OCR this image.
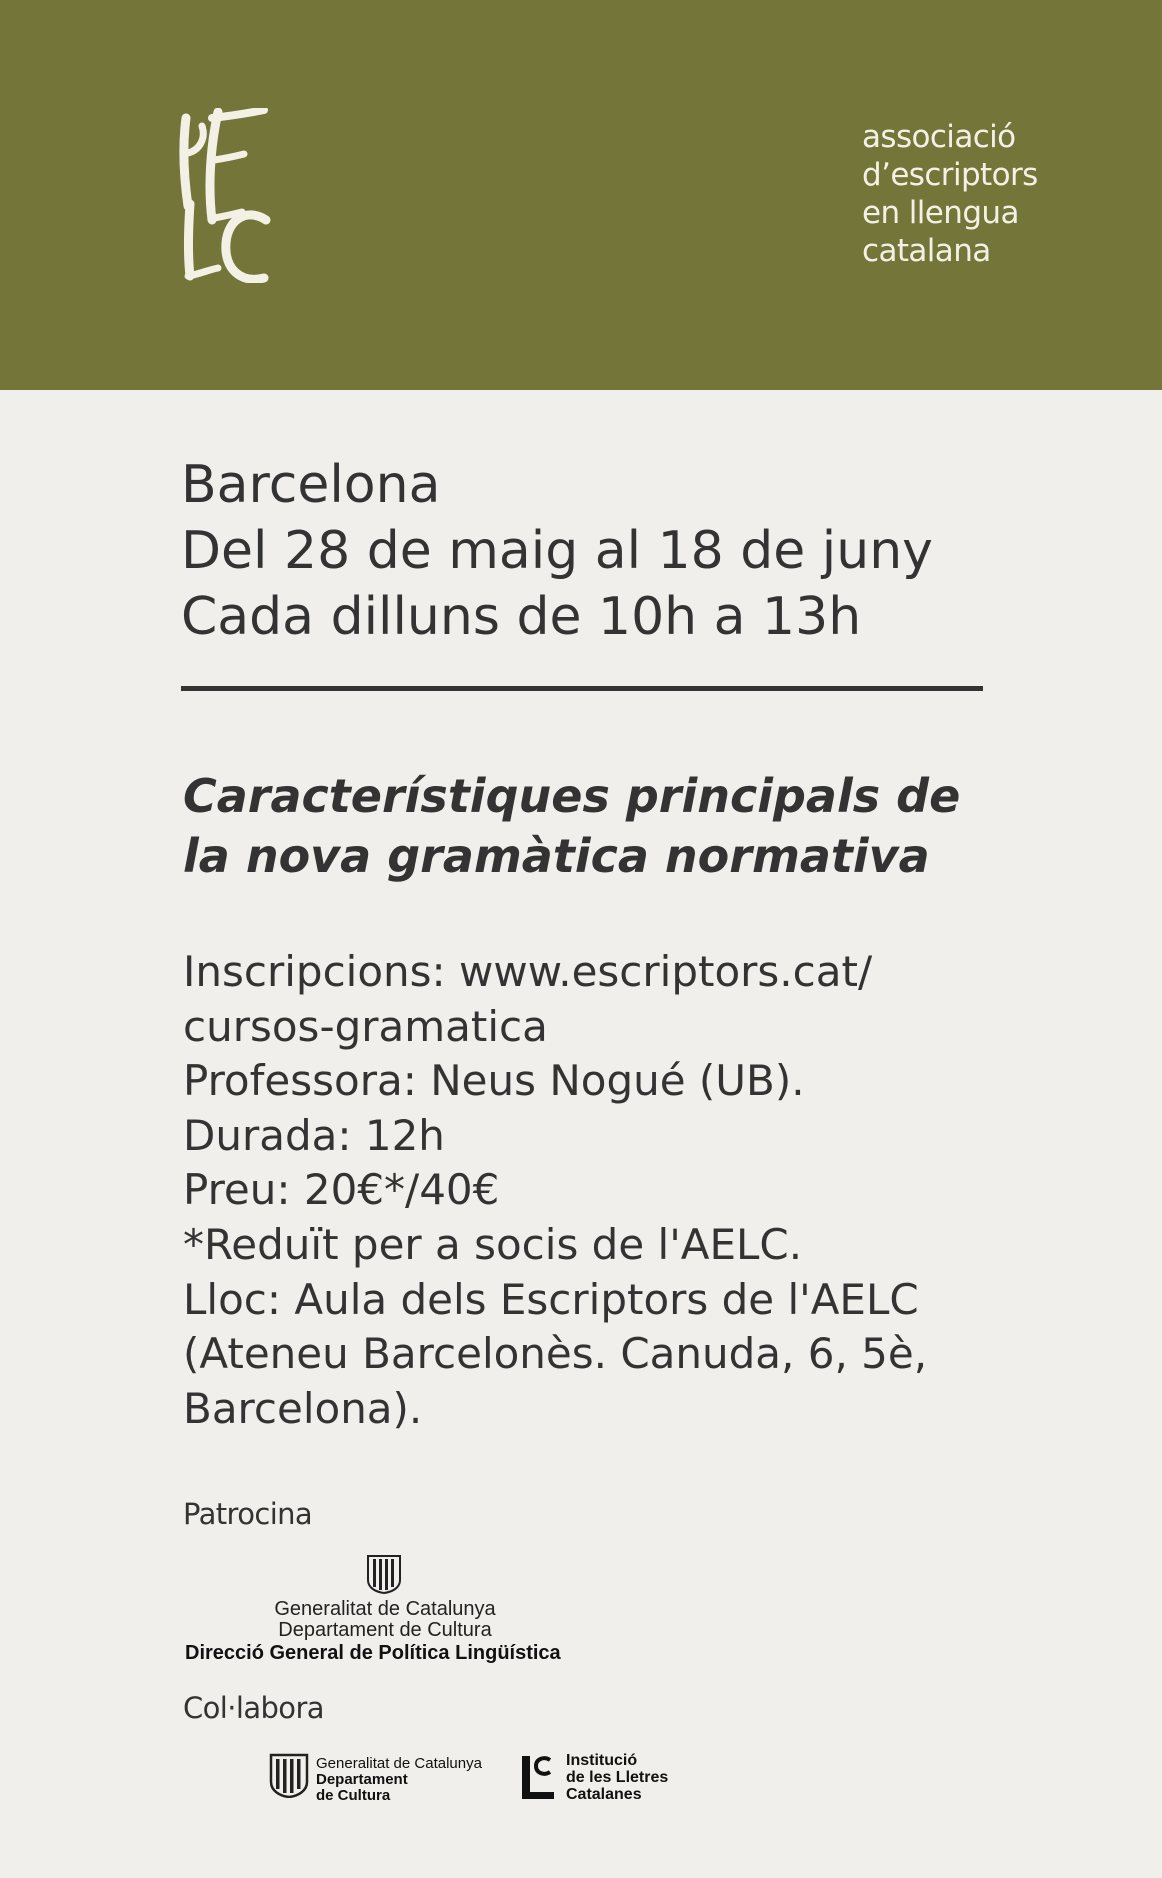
associació
d’escriptors
en llengua
catalana
Barcelona
Del 28 de maig al 18 de juny
Cada dilluns de 10h a 13h
Característiques principals de
la nova gramàtica normativa
Inscripcions: www.escriptors.cat/
cursos-gramatica
Professora: Neus Nogué (UB).
Durada: 12h
Preu: 20€*/40€
*Reduït per a socis de l'AELC.
Lloc: Aula dels Escriptors de l'AELC
(Ateneu Barcelonès. Canuda, 6, 5è,
Barcelona).
Patrocina
Generalitat de Catalunya
Departament de Cultura
Direcció General de Política Lingüística
Col·labora
Generalitat de Catalunya
Departament
de Cultura
Institució
de les Lletres
Catalanes
